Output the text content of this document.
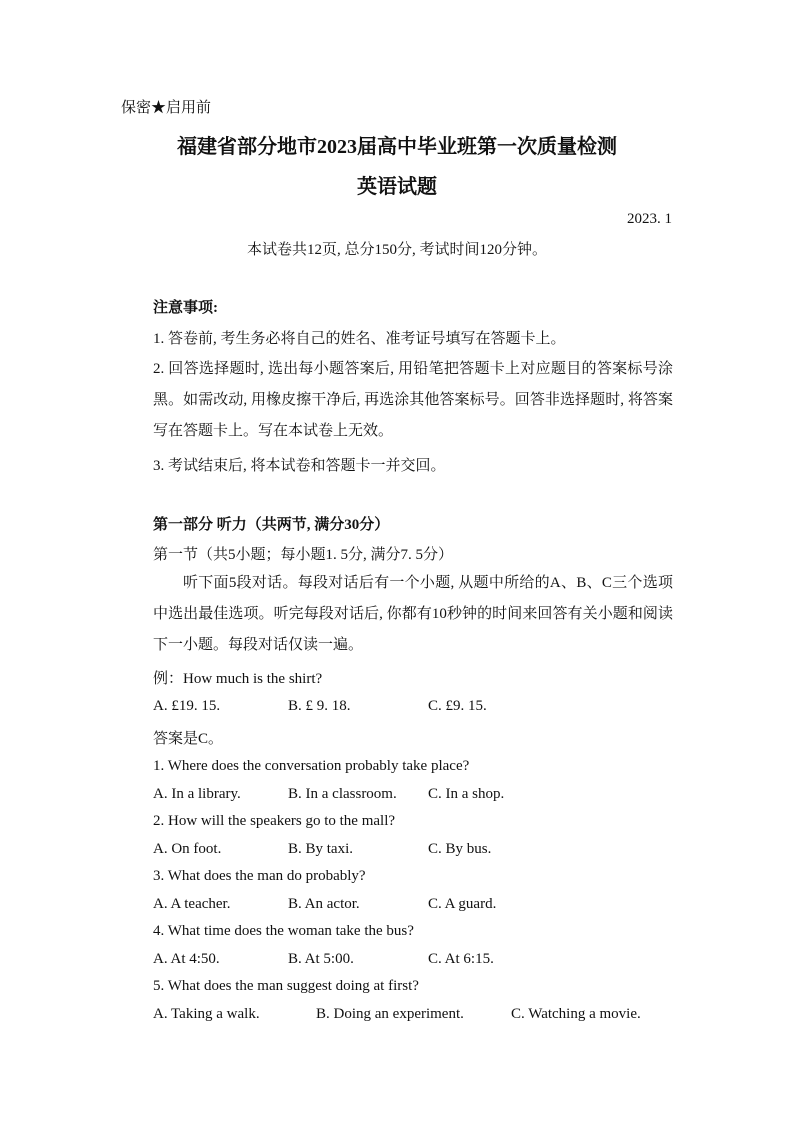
保密★启用前
福建省部分地市2023届高中毕业班第一次质量检测
英语试题
2023. 1
本试卷共12页, 总分150分, 考试时间120分钟。
注意事项:
1. 答卷前, 考生务必将自己的姓名、准考证号填写在答题卡上。
2. 回答选择题时, 选出每小题答案后, 用铅笔把答题卡上对应题目的答案标号涂黑。如需改动, 用橡皮擦干净后, 再选涂其他答案标号。回答非选择题时, 将答案写在答题卡上。写在本试卷上无效。
3. 考试结束后, 将本试卷和答题卡一并交回。
第一部分 听力（共两节, 满分30分）
第一节（共5小题；每小题1. 5分, 满分7. 5分）
听下面5段对话。每段对话后有一个小题, 从题中所给的A、B、C三个选项中选出最佳选项。听完每段对话后, 你都有10秒钟的时间来回答有关小题和阅读下一小题。每段对话仅读一遍。
例：How much is the shirt?
A. £19. 15.	B. £ 9. 18.	C. £9. 15.
答案是C。
1. Where does the conversation probably take place?
A. In a library.	B. In a classroom. C. In a shop.
2. How will the speakers go to the mall?
A. On foot.	B. By taxi.	C. By bus.
3. What does the man do probably?
A. A teacher.	B. An actor.	C. A guard.
4. What time does the woman take the bus?
A. At 4:50.	B. At 5:00.	C. At 6:15.
5. What does the man suggest doing at first?
A. Taking a walk.	B. Doing an experiment.	C. Watching a movie.
